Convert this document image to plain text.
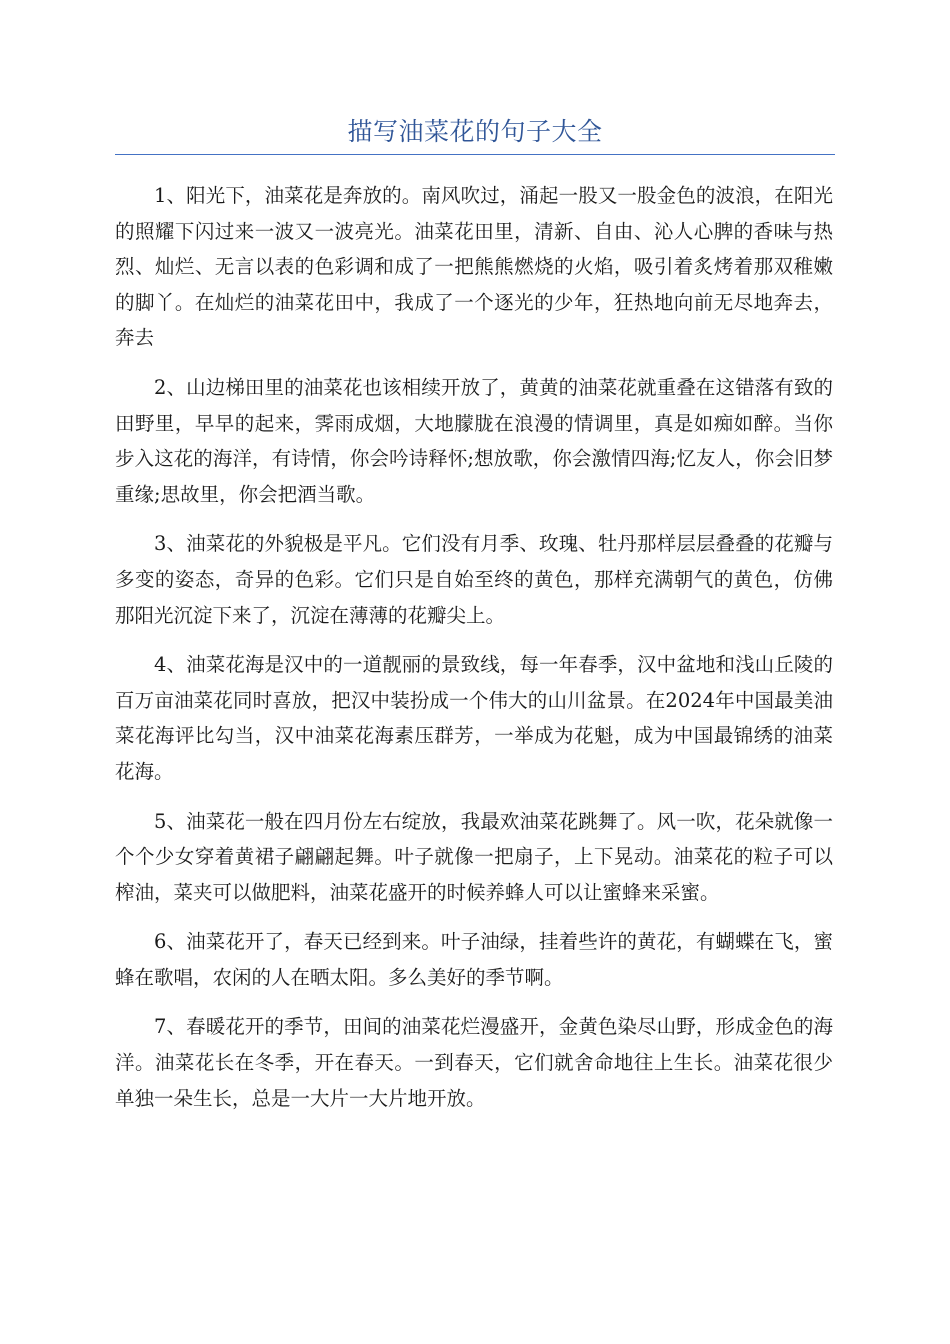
描写油菜花的句子大全

1、阳光下，油菜花是奔放的。南风吹过，涌起一股又一股金色的波浪，在阳光的照耀下闪过来一波又一波亮光。油菜花田里，清新、自由、沁人心脾的香味与热烈、灿烂、无言以表的色彩调和成了一把熊熊燃烧的火焰，吸引着炙烤着那双稚嫩的脚丫。在灿烂的油菜花田中，我成了一个逐光的少年，狂热地向前无尽地奔去，奔去

2、山边梯田里的油菜花也该相续开放了，黄黄的油菜花就重叠在这错落有致的田野里，早早的起来，霁雨成烟，大地朦胧在浪漫的情调里，真是如痴如醉。当你步入这花的海洋，有诗情，你会吟诗释怀;想放歌，你会激情四海;忆友人，你会旧梦重缘;思故里，你会把酒当歌。

3、油菜花的外貌极是平凡。它们没有月季、玫瑰、牡丹那样层层叠叠的花瓣与多变的姿态，奇异的色彩。它们只是自始至终的黄色，那样充满朝气的黄色，仿佛那阳光沉淀下来了，沉淀在薄薄的花瓣尖上。

4、油菜花海是汉中的一道靓丽的景致线，每一年春季，汉中盆地和浅山丘陵的百万亩油菜花同时喜放，把汉中装扮成一个伟大的山川盆景。在2024年中国最美油菜花海评比勾当，汉中油菜花海素压群芳，一举成为花魁，成为中国最锦绣的油菜花海。

5、油菜花一般在四月份左右绽放，我最欢油菜花跳舞了。风一吹，花朵就像一个个少女穿着黄裙子翩翩起舞。叶子就像一把扇子，上下晃动。油菜花的粒子可以榨油，菜夹可以做肥料，油菜花盛开的时候养蜂人可以让蜜蜂来采蜜。

6、油菜花开了，春天已经到来。叶子油绿，挂着些许的黄花，有蝴蝶在飞，蜜蜂在歌唱，农闲的人在晒太阳。多么美好的季节啊。

7、春暖花开的季节，田间的油菜花烂漫盛开，金黄色染尽山野，形成金色的海洋。油菜花长在冬季，开在春天。一到春天，它们就舍命地往上生长。油菜花很少单独一朵生长，总是一大片一大片地开放。
